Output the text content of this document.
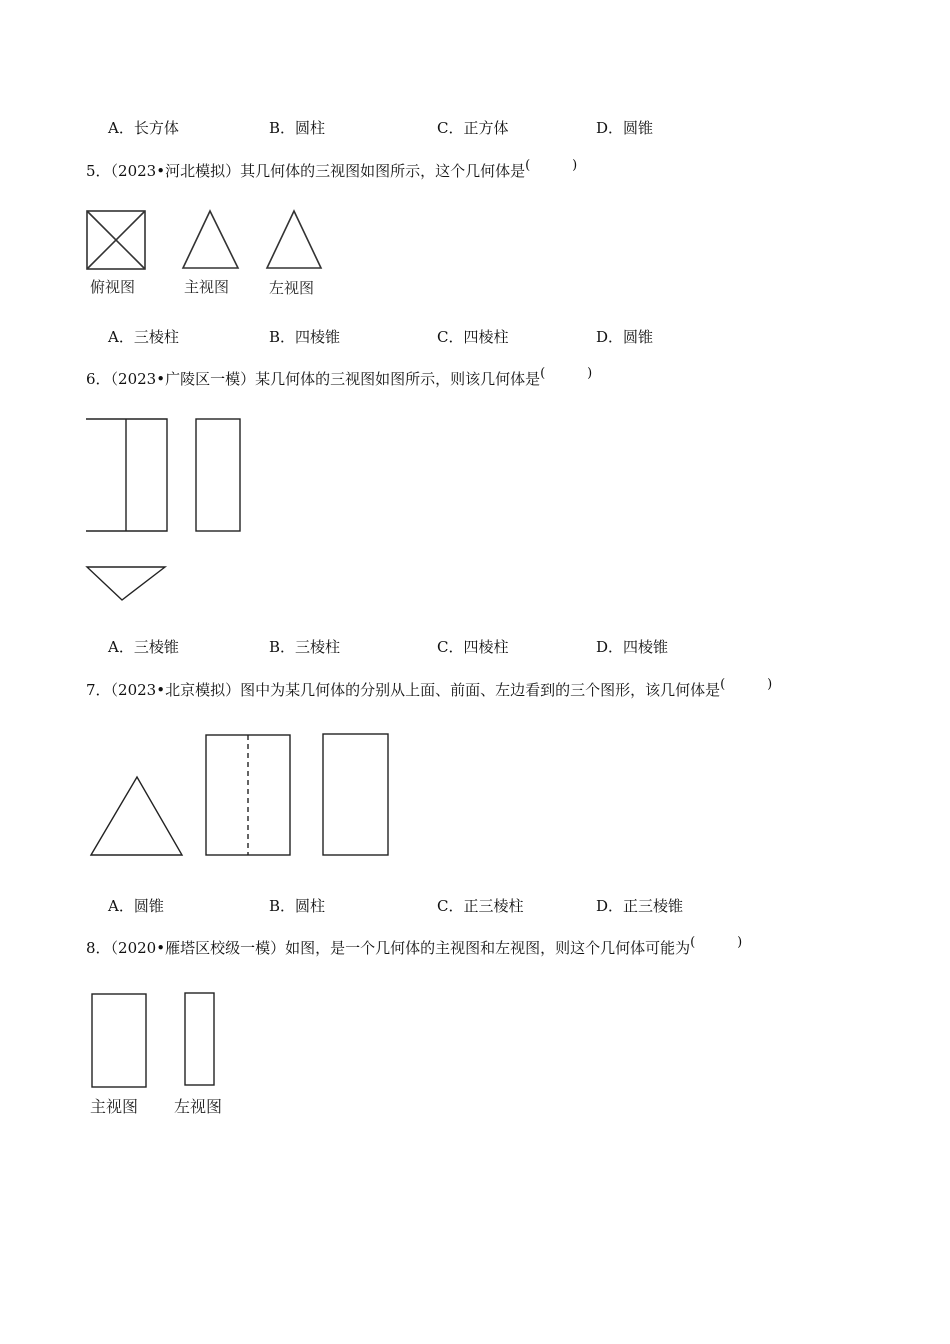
A．长方体	B．圆柱	C．正方体	D．圆锥
5．（2023•河北模拟）其几何体的三视图如图所示，这个几何体是(	)
俯视图	主视图	左视图
A．三棱柱	B．四棱锥	C．四棱柱	D．圆锥
6．（2023•广陵区一模）某几何体的三视图如图所示，则该几何体是(	)
A．三棱锥	B．三棱柱	C．四棱柱	D．四棱锥
7．（2023•北京模拟）图中为某几何体的分别从上面、前面、左边看到的三个图形，该几何体是(	)
A．圆锥	B．圆柱	C．正三棱柱	D．正三棱锥
8．（2020•雁塔区校级一模）如图，是一个几何体的主视图和左视图，则这个几何体可能为(	)
主视图 左视图
